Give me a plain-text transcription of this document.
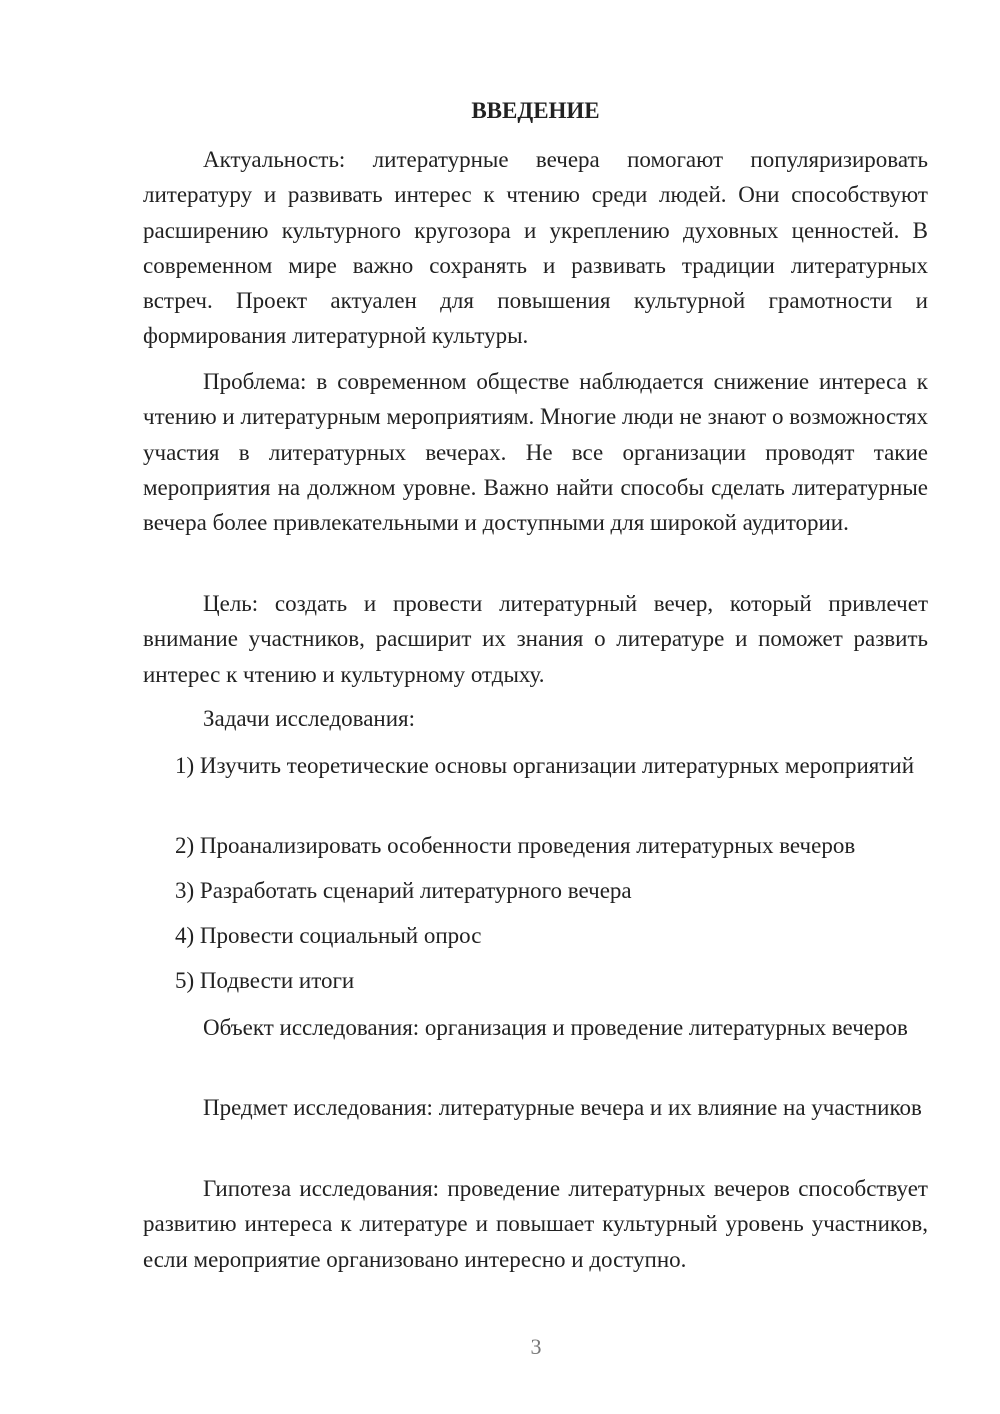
ВВЕДЕНИЕ

Актуальность: литературные вечера помогают популяризировать литературу и развивать интерес к чтению среди людей. Они способствуют расширению культурного кругозора и укреплению духовных ценностей. В современном мире важно сохранять и развивать традиции литературных встреч. Проект актуален для повышения культурной грамотности и формирования литературной культуры.

Проблема: в современном обществе наблюдается снижение интереса к чтению и литературным мероприятиям. Многие люди не знают о возможностях участия в литературных вечерах. Не все организации проводят такие мероприятия на должном уровне. Важно найти способы сделать литературные вечера более привлекательными и доступными для широкой аудитории.

Цель: создать и провести литературный вечер, который привлечет внимание участников, расширит их знания о литературе и поможет развить интерес к чтению и культурному отдыху.

Задачи исследования:

1) Изучить теоретические основы организации литературных мероприятий

2) Проанализировать особенности проведения литературных вечеров

3) Разработать сценарий литературного вечера

4) Провести социальный опрос

5) Подвести итоги

Объект исследования: организация и проведение литературных вечеров

Предмет исследования: литературные вечера и их влияние на участников

Гипотеза исследования: проведение литературных вечеров способствует развитию интереса к литературе и повышает культурный уровень участников, если мероприятие организовано интересно и доступно.

3
